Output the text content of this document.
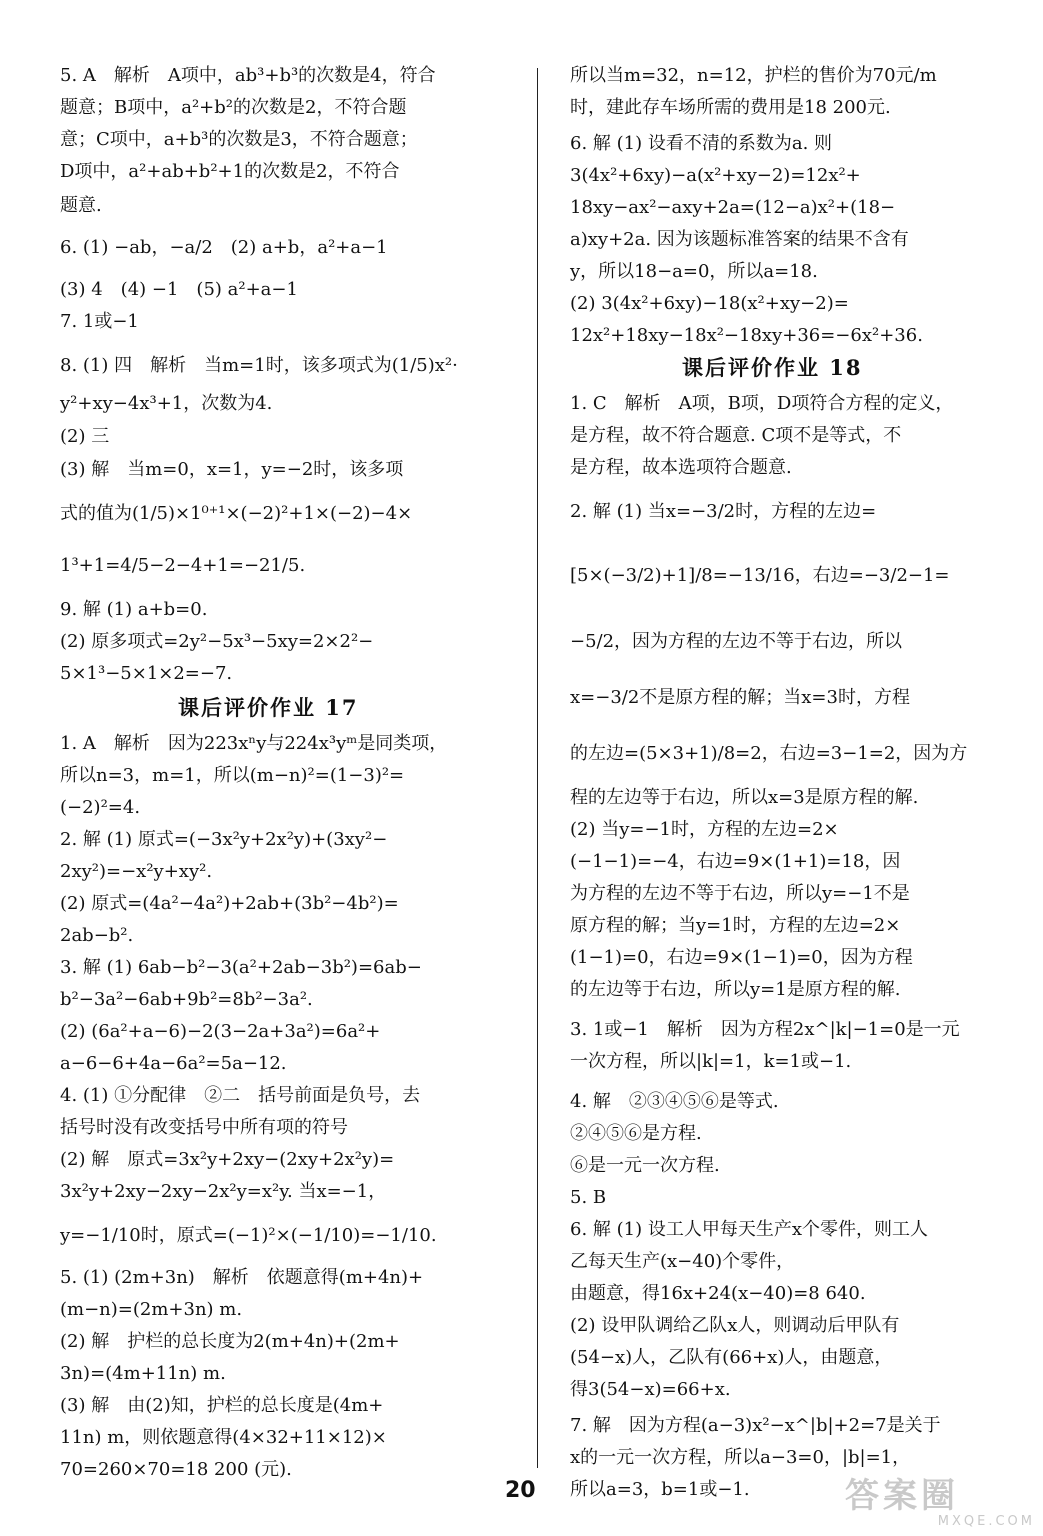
5. A　解析　A项中，ab³+b³的次数是4，符合
题意；B项中，a²+b²的次数是2，不符合题
意；C项中，a+b³的次数是3，不符合题意；
D项中，a²+ab+b²+1的次数是2，不符合
题意.
6. (1) −ab，−a/2　(2) a+b，a²+a−1
(3) 4　(4) −1　(5) a²+a−1
7. 1或−1
8. (1) 四　解析　当m=1时，该多项式为(1/5)x²·
y²+xy−4x³+1，次数为4.
(2) 三
(3) 解　当m=0，x=1，y=−2时，该多项
式的值为(1/5)×1⁰⁺¹×(−2)²+1×(−2)−4×
1³+1=4/5−2−4+1=−21/5.
9. 解 (1) a+b=0.
(2) 原多项式=2y²−5x³−5xy=2×2²−
5×1³−5×1×2=−7.
课后评价作业 17
1. A　解析　因为223xⁿy与224x³yᵐ是同类项，
所以n=3，m=1，所以(m−n)²=(1−3)²=
(−2)²=4.
2. 解 (1) 原式=(−3x²y+2x²y)+(3xy²−
2xy²)=−x²y+xy².
(2) 原式=(4a²−4a²)+2ab+(3b²−4b²)=
2ab−b².
3. 解 (1) 6ab−b²−3(a²+2ab−3b²)=6ab−
b²−3a²−6ab+9b²=8b²−3a².
(2) (6a²+a−6)−2(3−2a+3a²)=6a²+
a−6−6+4a−6a²=5a−12.
4. (1) ①分配律　②二　括号前面是负号，去
括号时没有改变括号中所有项的符号
(2) 解　原式=3x²y+2xy−(2xy+2x²y)=
3x²y+2xy−2xy−2x²y=x²y. 当x=−1，
y=−1/10时，原式=(−1)²×(−1/10)=−1/10.
5. (1) (2m+3n)　解析　依题意得(m+4n)+
(m−n)=(2m+3n) m.
(2) 解　护栏的总长度为2(m+4n)+(2m+
3n)=(4m+11n) m.
(3) 解　由(2)知，护栏的总长度是(4m+
11n) m，则依题意得(4×32+11×12)×
70=260×70=18 200 (元).
所以当m=32，n=12，护栏的售价为70元/m
时，建此存车场所需的费用是18 200元.
6. 解 (1) 设看不清的系数为a. 则
3(4x²+6xy)−a(x²+xy−2)=12x²+
18xy−ax²−axy+2a=(12−a)x²+(18−
a)xy+2a. 因为该题标准答案的结果不含有
y，所以18−a=0，所以a=18.
(2) 3(4x²+6xy)−18(x²+xy−2)=
12x²+18xy−18x²−18xy+36=−6x²+36.
课后评价作业 18
1. C　解析　A项，B项，D项符合方程的定义，
是方程，故不符合题意. C项不是等式，不
是方程，故本选项符合题意.
2. 解 (1) 当x=−3/2时，方程的左边=
[5×(−3/2)+1]/8=−13/16，右边=−3/2−1=
−5/2，因为方程的左边不等于右边，所以
x=−3/2不是原方程的解；当x=3时，方程
的左边=(5×3+1)/8=2，右边=3−1=2，因为方
程的左边等于右边，所以x=3是原方程的解.
(2) 当y=−1时，方程的左边=2×
(−1−1)=−4，右边=9×(1+1)=18，因
为方程的左边不等于右边，所以y=−1不是
原方程的解；当y=1时，方程的左边=2×
(1−1)=0，右边=9×(1−1)=0，因为方程
的左边等于右边，所以y=1是原方程的解.
3. 1或−1　解析　因为方程2x^|k|−1=0是一元
一次方程，所以|k|=1，k=1或−1.
4. 解　②③④⑤⑥是等式.
②④⑤⑥是方程.
⑥是一元一次方程.
5. B
6. 解 (1) 设工人甲每天生产x个零件，则工人
乙每天生产(x−40)个零件，
由题意，得16x+24(x−40)=8 640.
(2) 设甲队调给乙队x人，则调动后甲队有
(54−x)人，乙队有(66+x)人，由题意，
得3(54−x)=66+x.
7. 解　因为方程(a−3)x²−x^|b|+2=7是关于
x的一元一次方程，所以a−3=0，|b|=1，
所以a=3，b=1或−1.
20	答案圈
MXQE.COM
